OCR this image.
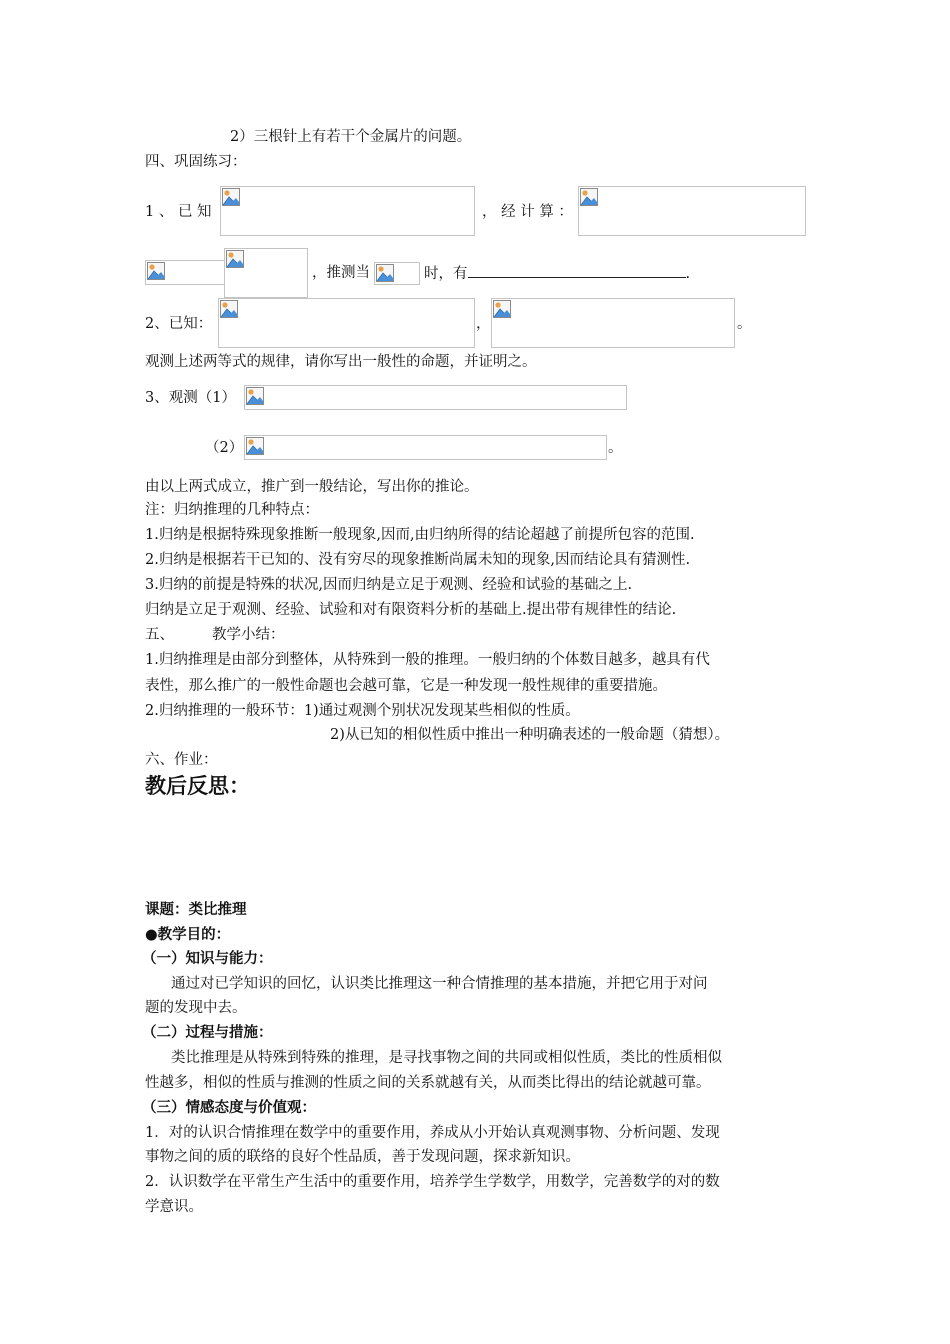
2）三根针上有若干个金属片的问题。
四、巩固练习：
1 、 已 知	， 经 计 算 ：
，推测当	时，有	.
2、已知：	，	。
观测上述两等式的规律，请你写出一般性的命题，并证明之。
3、观测（1）
（2）	。
由以上两式成立，推广到一般结论，写出你的推论。
注：归纳推理的几种特点：
1.归纳是根据特殊现象推断一般现象,因而,由归纳所得的结论超越了前提所包容的范围.
2.归纳是根据若干已知的、没有穷尽的现象推断尚属未知的现象,因而结论具有猜测性.
3.归纳的前提是特殊的状况,因而归纳是立足于观测、经验和试验的基础之上.
归纳是立足于观测、经验、试验和对有限资料分析的基础上.提出带有规律性的结论.
五、	教学小结：
1.归纳推理是由部分到整体，从特殊到一般的推理。一般归纳的个体数目越多，越具有代
表性，那么推广的一般性命题也会越可靠，它是一种发现一般性规律的重要措施。
2.归纳推理的一般环节：1)通过观测个别状况发现某些相似的性质。
2)从已知的相似性质中推出一种明确表述的一般命题（猜想）。
六、作业：
教后反思：
课题：类比推理
●教学目的：
（一）知识与能力：
通过对已学知识的回忆，认识类比推理这一种合情推理的基本措施，并把它用于对问
题的发现中去。
（二）过程与措施：
类比推理是从特殊到特殊的推理，是寻找事物之间的共同或相似性质，类比的性质相似
性越多，相似的性质与推测的性质之间的关系就越有关，从而类比得出的结论就越可靠。
（三）情感态度与价值观：
1．对的认识合情推理在数学中的重要作用，养成从小开始认真观测事物、分析问题、发现
事物之间的质的联络的良好个性品质，善于发现问题，探求新知识。
2．认识数学在平常生产生活中的重要作用，培养学生学数学，用数学，完善数学的对的数
学意识。
